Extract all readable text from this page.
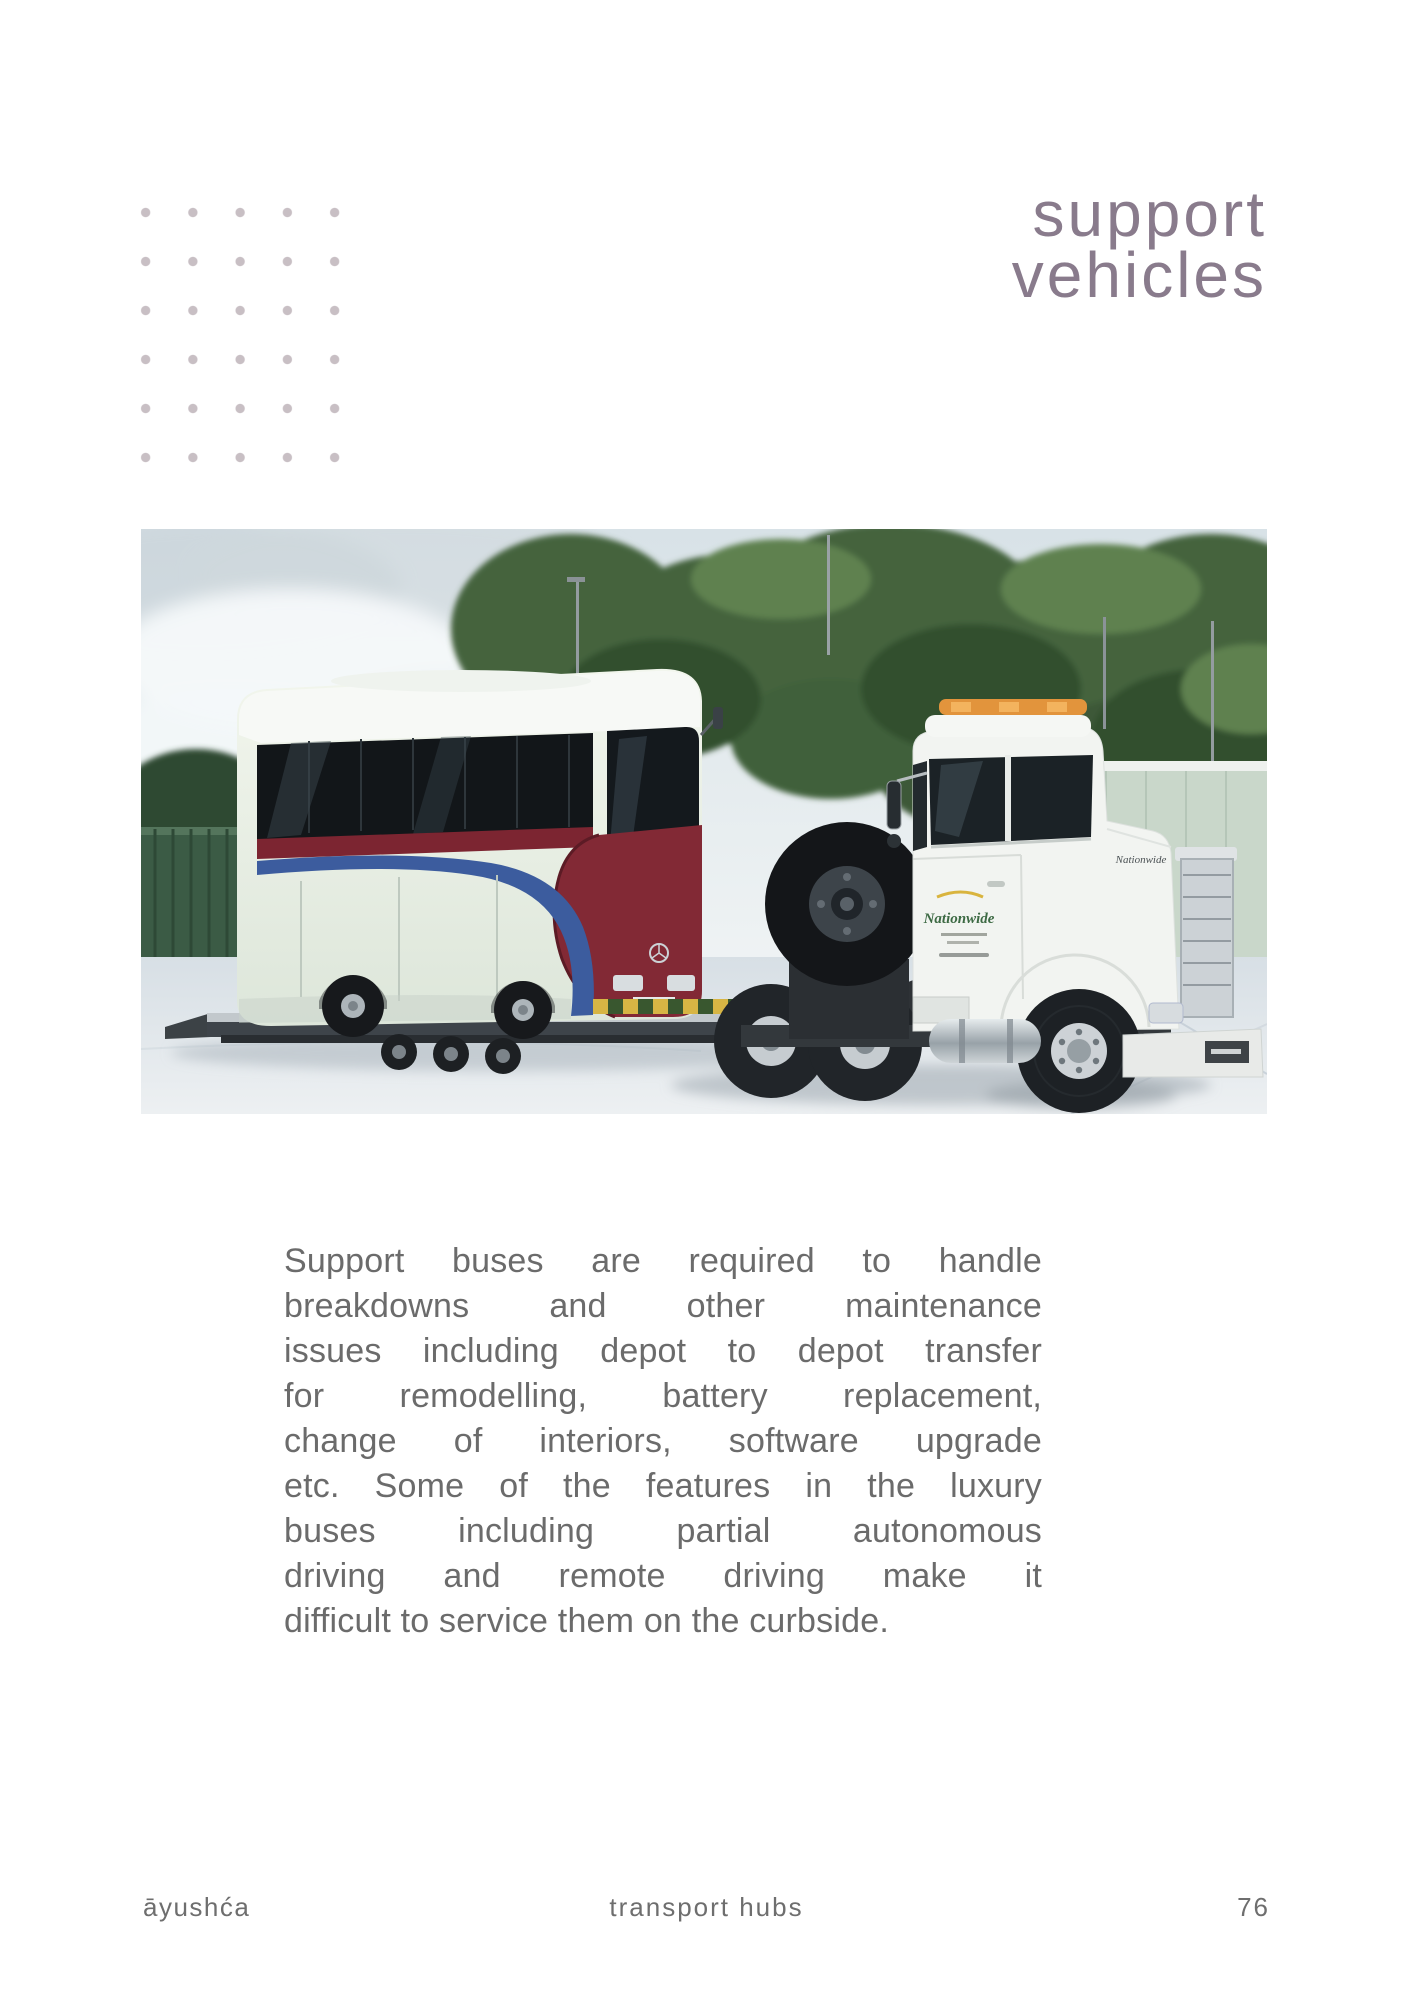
support
vehicles
Nationwide
Nationwide
Support buses are required to handle
breakdowns and other maintenance
issues including depot to depot transfer
for remodelling, battery replacement,
change of interiors, software upgrade
etc. Some of the features in the luxury
buses including partial autonomous
driving and remote driving make it
difficult to service them on the curbside.
āyushća	transport hubs	76
